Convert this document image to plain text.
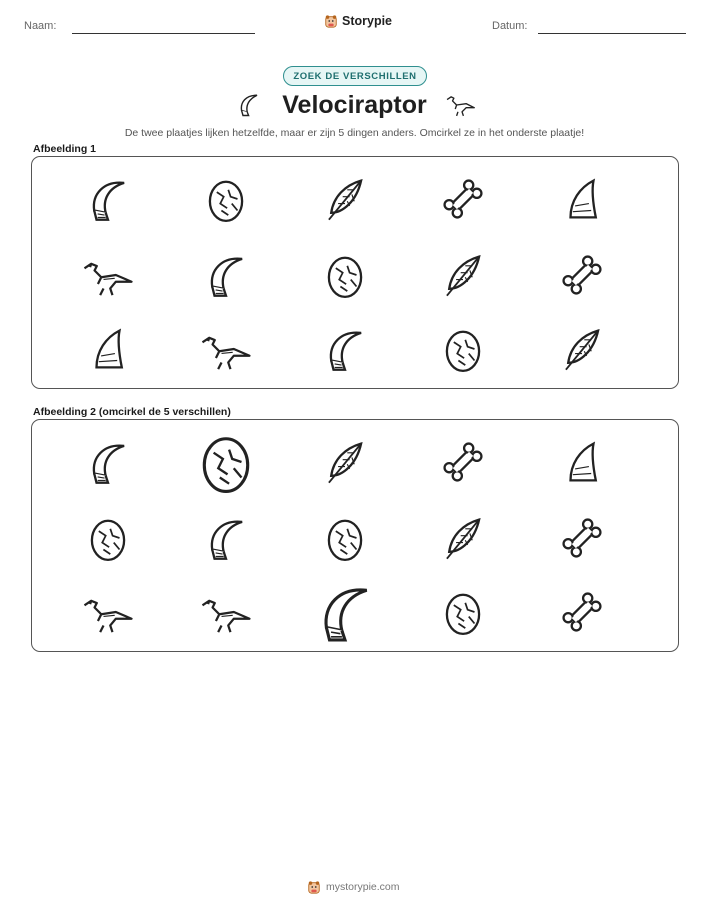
Naam:	Storypie	Datum:
ZOEK DE VERSCHILLEN
Velociraptor
De twee plaatjes lijken hetzelfde, maar er zijn 5 dingen anders. Omcirkel ze in het onderste plaatje!
Afbeelding 1
Afbeelding 2 (omcirkel de 5 verschillen)
mystorypie.com
